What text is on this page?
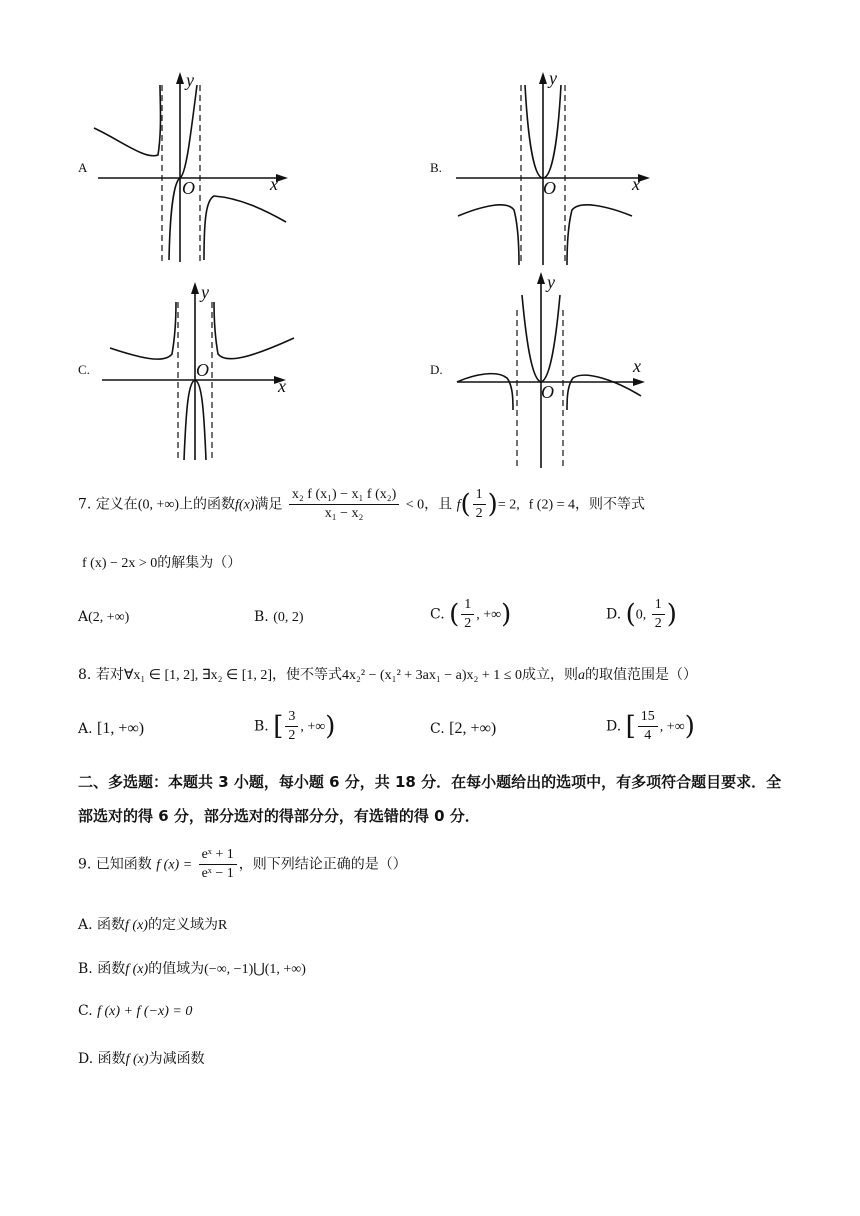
A
y
x
O
B.
y
x
O
C.
y
x
O	D.
y
x
O
7. 定义在(0, +∞)上的函数f(x)满足 $\frac{\text{x₂ f (x₁) − x₁ f (x₂)}}{\text{x₁ − x₂}} < 0$，且 $f( \frac{1}{2}$ )= 2, f (2) = 4，则不等式
f (x) − 2x > 0的解集为（）
A(2, +∞)	B. (0, 2)	C. ( $\frac{1}{2}$ , +∞)	D. (0, $\frac{1}{2}$ )
8. 若对∀x₁ ∈ [1, 2], ∃x₂ ∈ [1, 2]，使不等式4x₂² − (x₁² + 3ax₁ − a)x₂ + 1 ≤ 0成立，则a的取值范围是（）
A. [1, +∞)	B. [ $\frac{3}{2}$ , +∞)	C. [2, +∞)	D. [ $\frac{15}{4}$ , +∞)
二、多选题：本题共 3 小题，每小题 6 分，共 18 分．在每小题给出的选项中，有多项符合题目要求．全部选对的得 6 分，部分选对的得部分分，有选错的得 0 分．
9. 已知函数 f $(x) = \frac{\text{eˣ + 1}}{\text{eˣ − 1}}$ ，则下列结论正确的是（）
A. 函数f (x)的定义域为R
B. 函数f (x)的值域为(−∞, −1)⋃(1, +∞)
C. f (x) + f (−x) = 0
D. 函数f (x)为减函数
